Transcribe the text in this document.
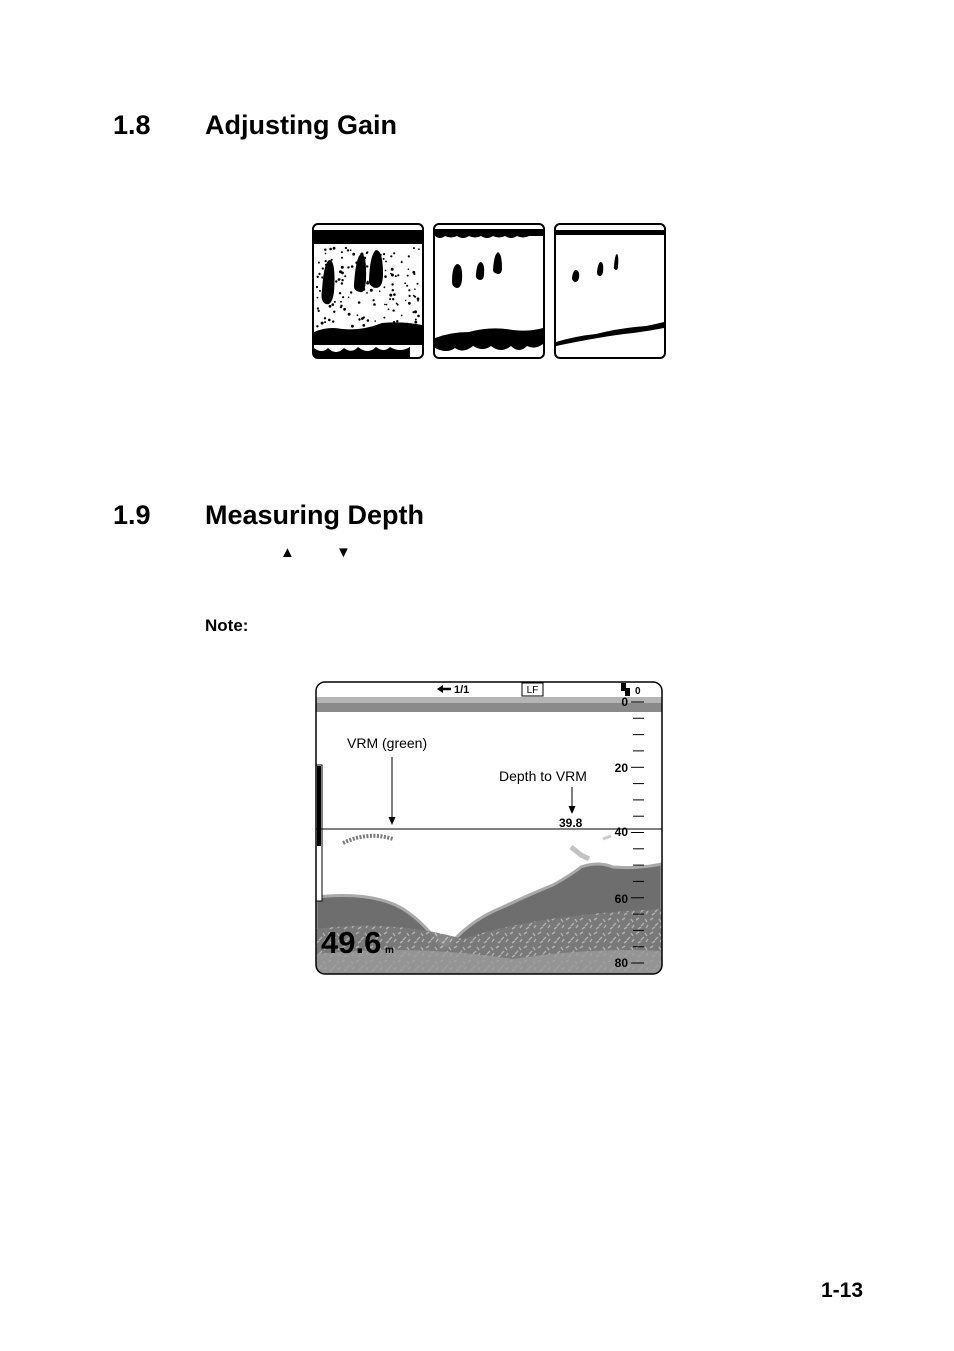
1.8 Adjusting Gain
1.9 Measuring Depth
▲	▼
Note:
1/1	LF	0
0
20
40
60
80
VRM (green)
Depth to VRM
39.8
49.6 m
1-13
